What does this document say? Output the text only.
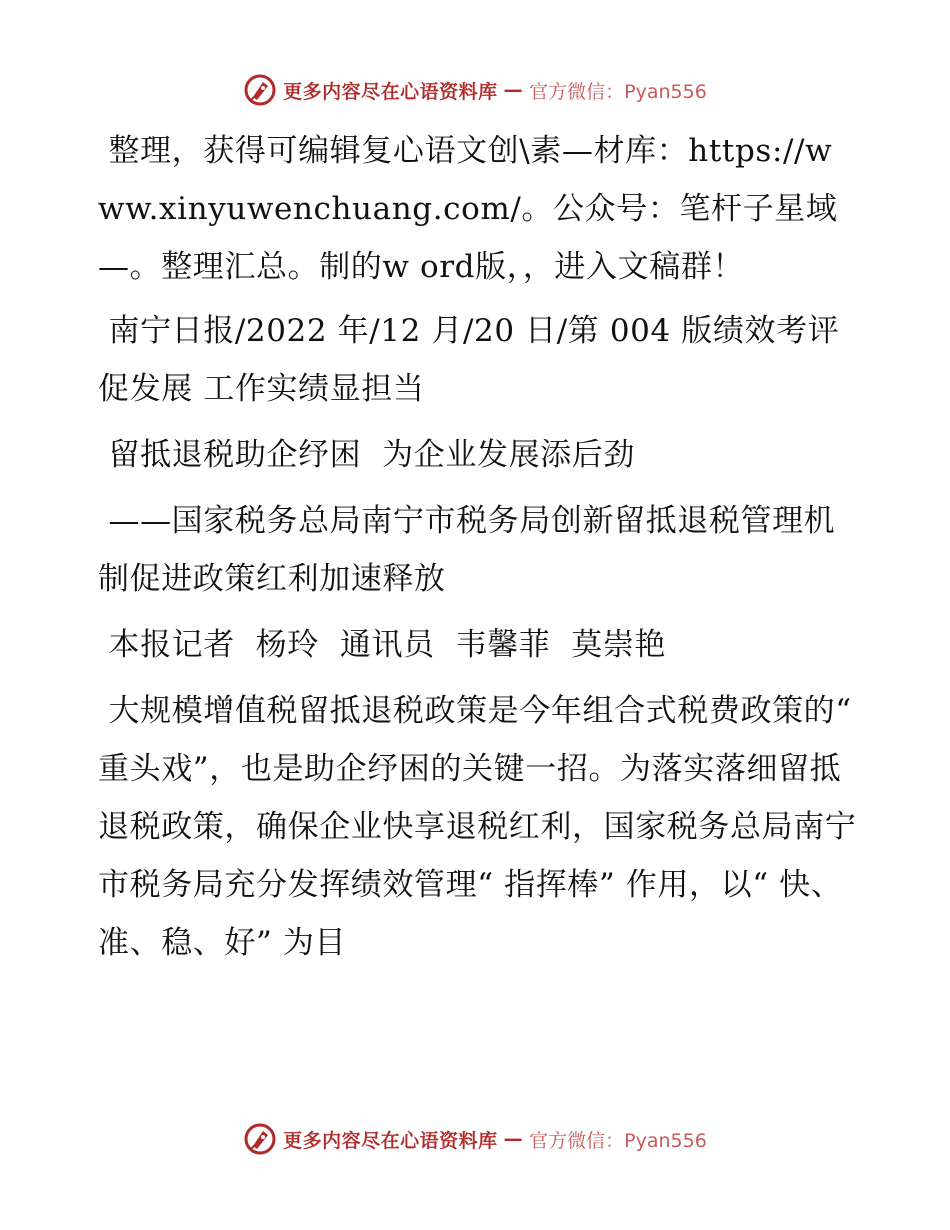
更多内容尽在心语资料库 — 官方微信：Pyan556

整理，获得可编辑复心语文创\素—材库：https://www.xinyuwenchuang.com/。公众号：笔杆子星域—。整理汇总。制的w ord版，，进入文稿群！

南宁日报/2022 年/12 月/20 日/第 004 版绩效考评促发展 工作实绩显担当

留抵退税助企纾困  为企业发展添后劲

——国家税务总局南宁市税务局创新留抵退税管理机制促进政策红利加速释放

本报记者  杨玲  通讯员  韦馨菲  莫崇艳

大规模增值税留抵退税政策是今年组合式税费政策的“ 重头戏”，也是助企纾困的关键一招。为落实落细留抵退税政策，确保企业快享退税红利，国家税务总局南宁市税务局充分发挥绩效管理“ 指挥棒” 作用，以“ 快、准、稳、好” 为目

更多内容尽在心语资料库 — 官方微信：Pyan556
